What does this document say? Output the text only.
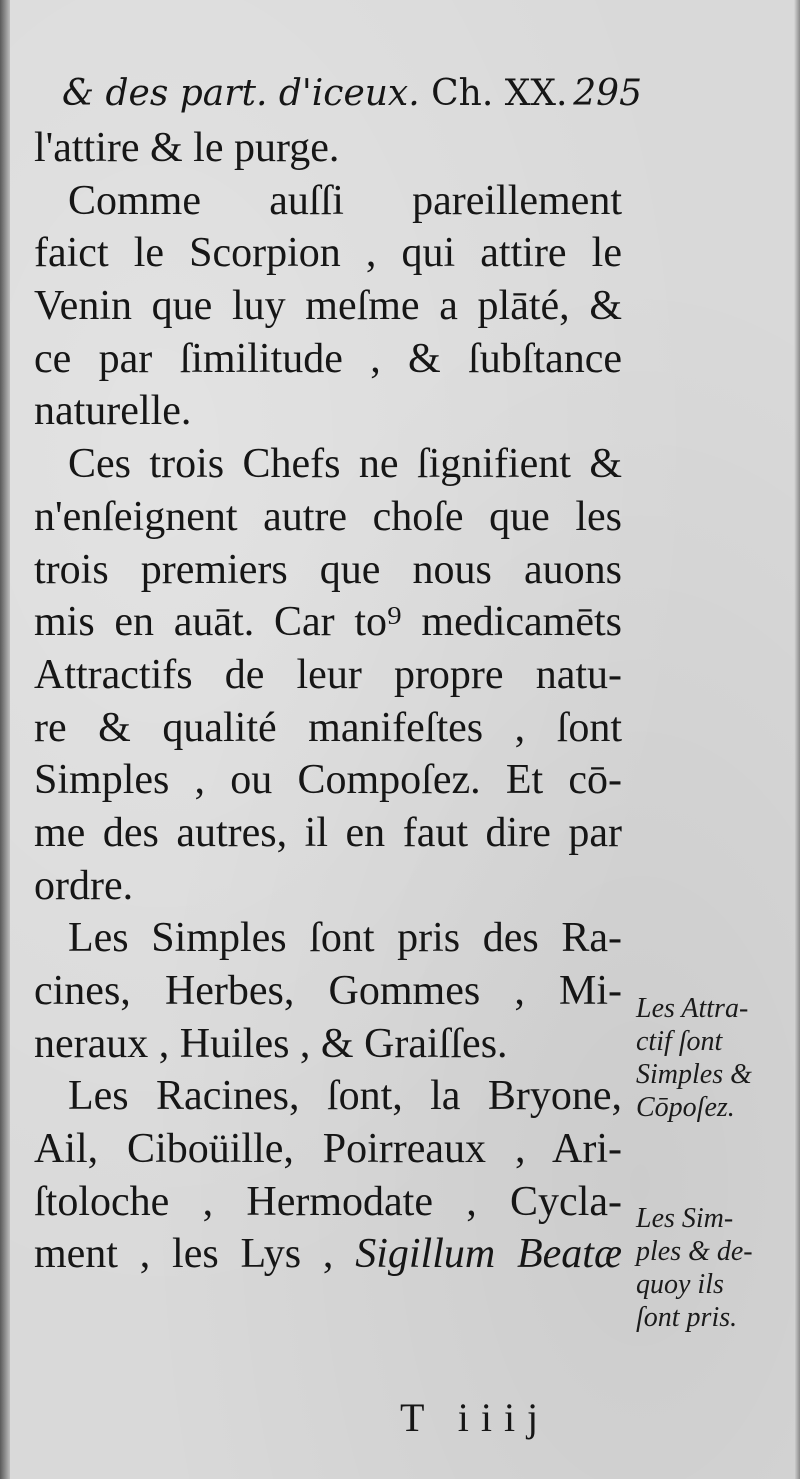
& des part. d'iceux. Ch. XX. 295
l'attire & le purge.
Comme auſſi pareillement
faict le Scorpion , qui attire le
Venin que luy meſme a plāté, &
ce par ſimilitude , & ſubſtance
naturelle.
Ces trois Chefs ne ſignifient &
n'enſeignent autre choſe que les
trois premiers que nous auons
mis en auāt. Car to⁹ medicamēts
Attractifs de leur propre natu-
re & qualité manifeſtes , ſont
Simples , ou Compoſez. Et cō-
me des autres, il en faut dire par
ordre.
Les Simples ſont pris des Ra-
cines, Herbes, Gommes , Mi-
neraux , Huiles , & Graiſſes.
Les Racines, ſont, la Bryone,
Ail, Ciboüille, Poirreaux , Ari-
ſtoloche , Hermodate , Cycla-
ment , les Lys , Sigillum Beatæ
Les Attra-
ctif ſont
Simples &
Cōpoſez.
Les Sim-
ples & de-
quoy ils
ſont pris.
T iiij
